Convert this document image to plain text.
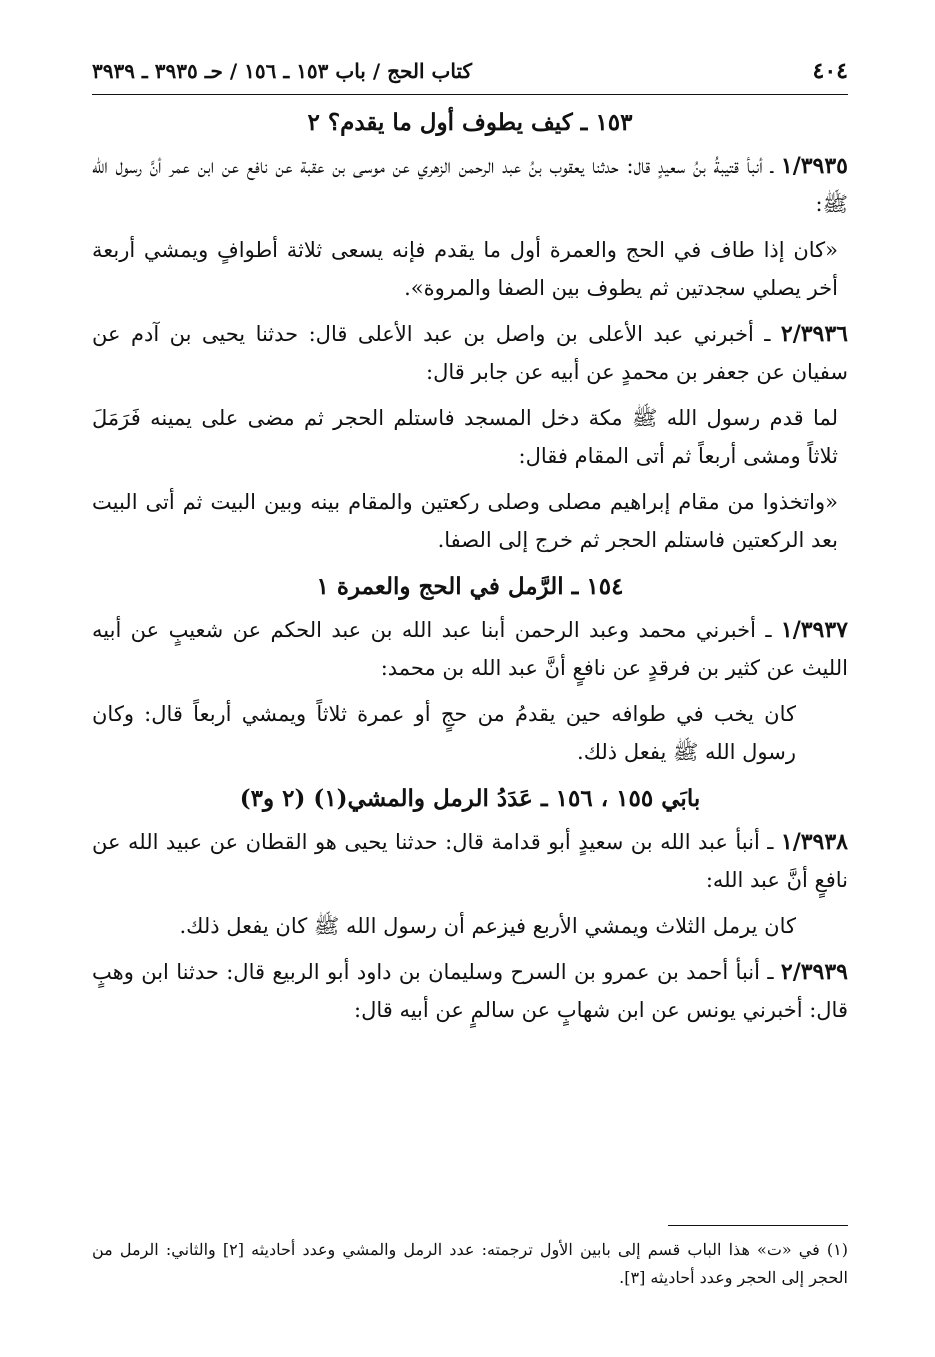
٤٠٤
كتاب الحج / باب ١٥٣ ـ ١٥٦ / حـ ٣٩٣٥ ـ ٣٩٣٩
١٥٣ ـ كيف يطوف أول ما يقدم؟ ٢

١/٣٩٣٥ ـ أنبأ قتيبةُ بنُ سعيدٍ قال: حدثنا يعقوب بنُ عبد الرحمن الزهري عن موسى بن عقبة عن نافع عن ابن عمر أنَّ رسول الله ﷺ:

«كان إذا طاف في الحج والعمرة أول ما يقدم فإنه يسعى ثلاثة أطوافٍ ويمشي أربعة أخر يصلي سجدتين ثم يطوف بين الصفا والمروة».

٢/٣٩٣٦ ـ أخبرني عبد الأعلى بن واصل بن عبد الأعلى قال: حدثنا يحيى بن آدم عن سفيان عن جعفر بن محمدٍ عن أبيه عن جابر قال:

لما قدم رسول الله ﷺ مكة دخل المسجد فاستلم الحجر ثم مضى على يمينه فَرَمَلَ ثلاثاً ومشى أربعاً ثم أتى المقام فقال:

«واتخذوا من مقام إبراهيم مصلى وصلى ركعتين والمقام بينه وبين البيت ثم أتى البيت بعد الركعتين فاستلم الحجر ثم خرج إلى الصفا.

١٥٤ ـ الرَّمل في الحج والعمرة ١

١/٣٩٣٧ ـ أخبرني محمد وعبد الرحمن أبنا عبد الله بن عبد الحكم عن شعيبٍ عن أبيه الليث عن كثير بن فرقدٍ عن نافعٍ أنَّ عبد الله بن محمد:

كان يخب في طوافه حين يقدمُ من حجٍ أو عمرة ثلاثاً ويمشي أربعاً قال: وكان رسول الله ﷺ يفعل ذلك.

بابَي ١٥٥ ، ١٥٦ ـ عَدَدُ الرمل والمشي(١) (٢ و٣)

١/٣٩٣٨ ـ أنبأ عبد الله بن سعيدٍ أبو قدامة قال: حدثنا يحيى هو القطان عن عبيد الله عن نافعٍ أنَّ عبد الله:

كان يرمل الثلاث ويمشي الأربع فيزعم أن رسول الله ﷺ كان يفعل ذلك.

٢/٣٩٣٩ ـ أنبأ أحمد بن عمرو بن السرح وسليمان بن داود أبو الربيع قال: حدثنا ابن وهبٍ قال: أخبرني يونس عن ابن شهابٍ عن سالمٍ عن أبيه قال:

(١) في «ت» هذا الباب قسم إلى بابين الأول ترجمته: عدد الرمل والمشي وعدد أحاديثه [٢] والثاني: الرمل من الحجر إلى الحجر وعدد أحاديثه [٣].
